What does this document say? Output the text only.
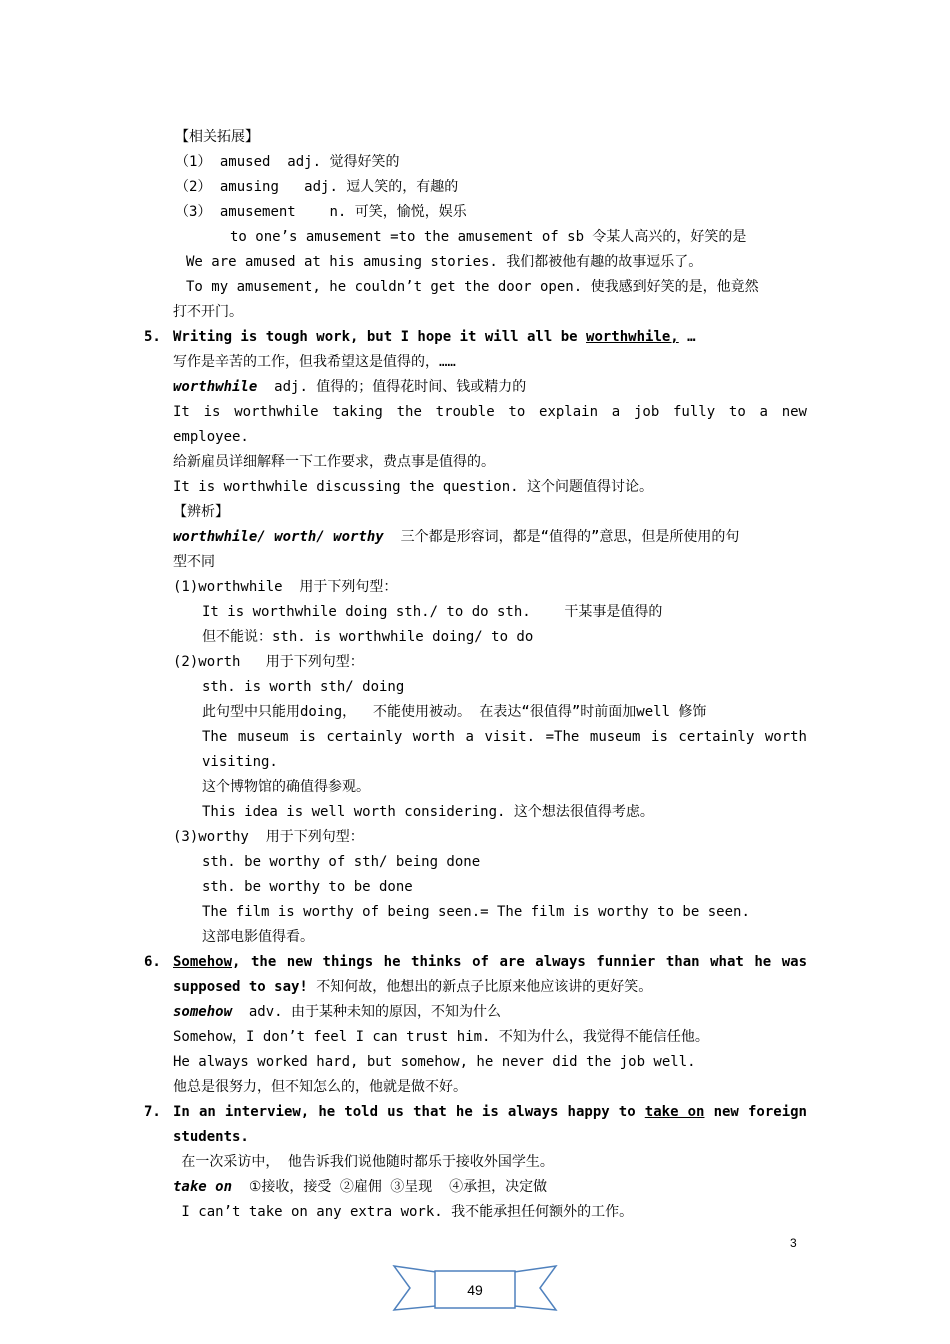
【相关拓展】
（1） amused  adj. 觉得好笑的
（2） amusing   adj. 逗人笑的，有趣的
（3） amusement    n. 可笑，愉悦，娱乐
to one’s amusement =to the amusement of sb 令某人高兴的，好笑的是
We are amused at his amusing stories. 我们都被他有趣的故事逗乐了。
To my amusement, he couldn’t get the door open. 使我感到好笑的是，他竟然
打不开门。
5. Writing is tough work, but I hope it will all be worthwhile, …
写作是辛苦的工作，但我希望这是值得的，……
worthwhile  adj. 值得的；值得花时间、钱或精力的
It is worthwhile taking the trouble to explain a job fully to a new
employee.
给新雇员详细解释一下工作要求，费点事是值得的。
It is worthwhile discussing the question. 这个问题值得讨论。
【辨析】
worthwhile/ worth/ worthy  三个都是形容词，都是“值得的”意思，但是所使用的句
型不同
(1)worthwhile  用于下列句型：
It is worthwhile doing sth./ to do sth.    干某事是值得的
但不能说：sth. is worthwhile doing/ to do
(2)worth   用于下列句型：
sth. is worth sth/ doing
此句型中只能用doing，  不能使用被动。 在表达“很值得”时前面加well 修饰
The museum is certainly worth a visit. =The museum is certainly worth
visiting.
这个博物馆的确值得参观。
This idea is well worth considering. 这个想法很值得考虑。
(3)worthy  用于下列句型：
sth. be worthy of sth/ being done
sth. be worthy to be done
The film is worthy of being seen.= The film is worthy to be seen.
这部电影值得看。
6. Somehow, the new things he thinks of are always funnier than what he was
supposed to say! 不知何故，他想出的新点子比原来他应该讲的更好笑。
somehow  adv. 由于某种未知的原因，不知为什么
Somehow，I don’t feel I can trust him. 不知为什么，我觉得不能信任他。
He always worked hard, but somehow, he never did the job well.
他总是很努力，但不知怎么的，他就是做不好。
7. In an interview, he told us that he is always happy to take on new foreign
students.
在一次采访中， 他告诉我们说他随时都乐于接收外国学生。
take on  ①接收，接受 ②雇佣 ③呈现  ④承担，决定做
I can’t take on any extra work. 我不能承担任何额外的工作。
3
49
